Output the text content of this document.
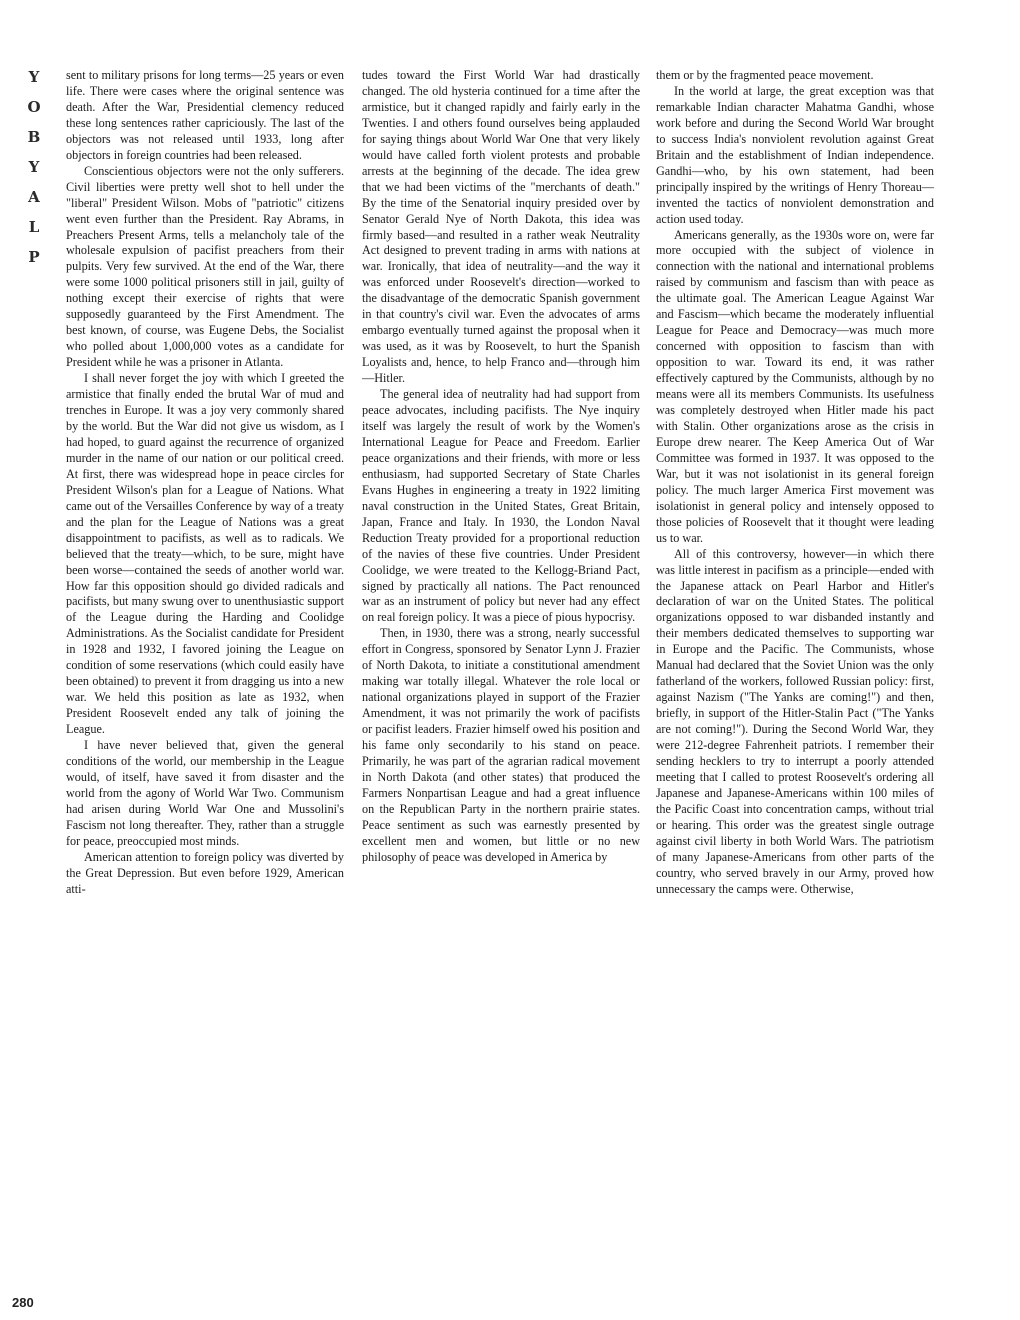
Y
O
B
Y
A
L
P
280

sent to military prisons for long terms—25 years or even life. There were cases where the original sentence was death. After the War, Presidential clemency reduced these long sentences rather capriciously. The last of the objectors was not released until 1933, long after objectors in foreign countries had been released.

Conscientious objectors were not the only sufferers. Civil liberties were pretty well shot to hell under the "liberal" President Wilson. Mobs of "patriotic" citizens went even further than the President. Ray Abrams, in Preachers Present Arms, tells a melancholy tale of the wholesale expulsion of pacifist preachers from their pulpits. Very few survived. At the end of the War, there were some 1000 political prisoners still in jail, guilty of nothing except their exercise of rights that were supposedly guaranteed by the First Amendment. The best known, of course, was Eugene Debs, the Socialist who polled about 1,000,000 votes as a candidate for President while he was a prisoner in Atlanta.

I shall never forget the joy with which I greeted the armistice that finally ended the brutal War of mud and trenches in Europe. It was a joy very commonly shared by the world. But the War did not give us wisdom, as I had hoped, to guard against the recurrence of organized murder in the name of our nation or our political creed. At first, there was widespread hope in peace circles for President Wilson's plan for a League of Nations. What came out of the Versailles Conference by way of a treaty and the plan for the League of Nations was a great disappointment to pacifists, as well as to radicals. We believed that the treaty—which, to be sure, might have been worse—contained the seeds of another world war. How far this opposition should go divided radicals and pacifists, but many swung over to unenthusiastic support of the League during the Harding and Coolidge Administrations. As the Socialist candidate for President in 1928 and 1932, I favored joining the League on condition of some reservations (which could easily have been obtained) to prevent it from dragging us into a new war. We held this position as late as 1932, when President Roosevelt ended any talk of joining the League.

I have never believed that, given the general conditions of the world, our membership in the League would, of itself, have saved it from disaster and the world from the agony of World War Two. Communism had arisen during World War One and Mussolini's Fascism not long thereafter. They, rather than a struggle for peace, preoccupied most minds.

American attention to foreign policy was diverted by the Great Depression. But even before 1929, American atti-

tudes toward the First World War had drastically changed. The old hysteria continued for a time after the armistice, but it changed rapidly and fairly early in the Twenties. I and others found ourselves being applauded for saying things about World War One that very likely would have called forth violent protests and probable arrests at the beginning of the decade. The idea grew that we had been victims of the "merchants of death." By the time of the Senatorial inquiry presided over by Senator Gerald Nye of North Dakota, this idea was firmly based—and resulted in a rather weak Neutrality Act designed to prevent trading in arms with nations at war. Ironically, that idea of neutrality—and the way it was enforced under Roosevelt's direction—worked to the disadvantage of the democratic Spanish government in that country's civil war. Even the advocates of arms embargo eventually turned against the proposal when it was used, as it was by Roosevelt, to hurt the Spanish Loyalists and, hence, to help Franco and—through him—Hitler.

The general idea of neutrality had had support from peace advocates, including pacifists. The Nye inquiry itself was largely the result of work by the Women's International League for Peace and Freedom. Earlier peace organizations and their friends, with more or less enthusiasm, had supported Secretary of State Charles Evans Hughes in engineering a treaty in 1922 limiting naval construction in the United States, Great Britain, Japan, France and Italy. In 1930, the London Naval Reduction Treaty provided for a proportional reduction of the navies of these five countries. Under President Coolidge, we were treated to the Kellogg-Briand Pact, signed by practically all nations. The Pact renounced war as an instrument of policy but never had any effect on real foreign policy. It was a piece of pious hypocrisy.

Then, in 1930, there was a strong, nearly successful effort in Congress, sponsored by Senator Lynn J. Frazier of North Dakota, to initiate a constitutional amendment making war totally illegal. Whatever the role local or national organizations played in support of the Frazier Amendment, it was not primarily the work of pacifists or pacifist leaders. Frazier himself owed his position and his fame only secondarily to his stand on peace. Primarily, he was part of the agrarian radical movement in North Dakota (and other states) that produced the Farmers Nonpartisan League and had a great influence on the Republican Party in the northern prairie states. Peace sentiment as such was earnestly presented by excellent men and women, but little or no new philosophy of peace was developed in America by

them or by the fragmented peace movement.

In the world at large, the great exception was that remarkable Indian character Mahatma Gandhi, whose work before and during the Second World War brought to success India's nonviolent revolution against Great Britain and the establishment of Indian independence. Gandhi—who, by his own statement, had been principally inspired by the writings of Henry Thoreau—invented the tactics of nonviolent demonstration and action used today.

Americans generally, as the 1930s wore on, were far more occupied with the subject of violence in connection with the national and international problems raised by communism and fascism than with peace as the ultimate goal. The American League Against War and Fascism—which became the moderately influential League for Peace and Democracy—was much more concerned with opposition to fascism than with opposition to war. Toward its end, it was rather effectively captured by the Communists, although by no means were all its members Communists. Its usefulness was completely destroyed when Hitler made his pact with Stalin. Other organizations arose as the crisis in Europe drew nearer. The Keep America Out of War Committee was formed in 1937. It was opposed to the War, but it was not isolationist in its general foreign policy. The much larger America First movement was isolationist in general policy and intensely opposed to those policies of Roosevelt that it thought were leading us to war.

All of this controversy, however—in which there was little interest in pacifism as a principle—ended with the Japanese attack on Pearl Harbor and Hitler's declaration of war on the United States. The political organizations opposed to war disbanded instantly and their members dedicated themselves to supporting war in Europe and the Pacific. The Communists, whose Manual had declared that the Soviet Union was the only fatherland of the workers, followed Russian policy: first, against Nazism ("The Yanks are coming!") and then, briefly, in support of the Hitler-Stalin Pact ("The Yanks are not coming!"). During the Second World War, they were 212-degree Fahrenheit patriots. I remember their sending hecklers to try to interrupt a poorly attended meeting that I called to protest Roosevelt's ordering all Japanese and Japanese-Americans within 100 miles of the Pacific Coast into concentration camps, without trial or hearing. This order was the greatest single outrage against civil liberty in both World Wars. The patriotism of many Japanese-Americans from other parts of the country, who served bravely in our Army, proved how unnecessary the camps were. Otherwise,
